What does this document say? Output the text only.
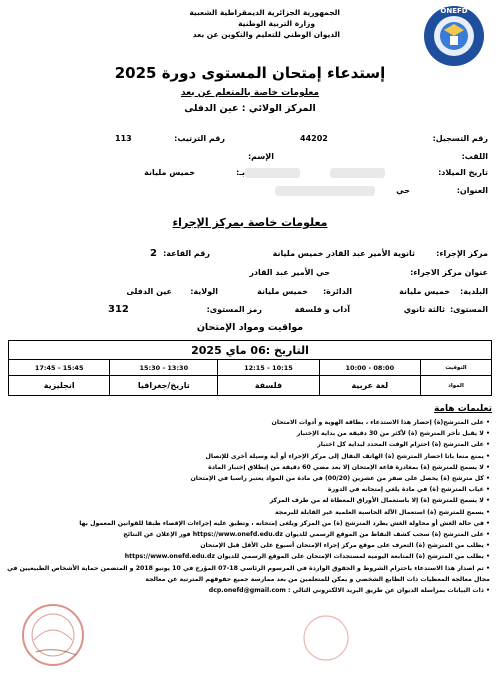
الجمهورية الجزائرية الديمقراطية الشعبية
وزارة التربية الوطنية
الديوان الوطني للتعليم والتكوين عن بعد
ONEFD
إستدعاء إمتحان المستوى دورة 2025
معلومات خاصة بالمتعلم عن بعد
المركز الولائي : عين الدفلى
رقم التسجيل:
44202
رقم الترتيب:
113
اللقب:
الإسم:
تاريخ الميلاد:
بـ:
خميس مليانة
العنوان:
حي
معلومات خاصة بمركز الإجراء
مركز الإجراء:
ثانوية الأمير عبد القادر خميس مليانة
رقم القاعة:
2
عنوان مركز الاجراء:
حي الأمير عبد القادر
البلدية:
خميس مليانة
الدائرة:
خميس مليانة
الولاية:
عين الدفلى
المستوى:
ثالثة ثانوي
آداب و فلسفة
رمز المستوى:
312
مواقيت ومواد الإمتحان
التاريخ :06 ماي 2025				
17:45 - 15:45	15:30 - 13:30	12:15 - 10:15	10:00 - 08:00	التوقيت
انجليزية	تاريخ/جغرافيا	فلسفة	لغة عربية	المواد
تعليمات هامة
• على المترشح(ة) إحضار هذا الاستدعاء ، بطاقة الهوية و أدوات الامتحان
• لا يقبل تأخر المترشح (ة) لأكثر من 30 دقيقة من بداية الإختبار
• على المترشح (ة) احترام الوقت المحدد لبداية كل اختبار
• يمنع منعا باتا احضار المترشح (ة) الهاتف النقال إلى مركز الإجراء أو أية وسيلة أخرى للإتصال
• لا يسمح للمترشح (ة) بمغادرة قاعة الإمتحان إلا بعد مضي 60 دقيقة من إنطلاق إختبار المادة
• كل مترشح (ة) يحصل على صفر من عشرين (00/20) في مادة من المواد يعتبر راسبا في الإمتحان
• غياب المترشح (ة) في مادة يلغي إمتحانه في الدورة
• لا يسمح للمترشح (ة) إلا باستعمال الأوراق المعطاة له من طرف المركز
• يسمح للمترشح (ة) استعمال الآلة الحاسبة العلمية غير القابلة للبرمجة
• في حالة الغش أو محاولة الغش يطرد المترشح (ة) من المركز ويلغى إمتحانه ، وتطبق عليه إجراءات الإقصاء طبقا للقوانين المعمول بها
• على المترشح (ة) سحب كشف النقاط من الموقع الرسمي للديوان https://www.onefd.edu.dz فور الإعلان عن النتائج
• يطلب من المترشح (ة) التعرف على موقع مركز إجراء الإمتحان أسبوع على الأقل قبل الإمتحان
• يطلب من المترشح (ة) المتابعة اليومية لمستجدات الإمتحان على الموقع الرسمي للديوان https://www.onefd.edu.dz
• تم اصدار هذا الاستدعاء باحترام الشروط و الحقوق الواردة في المرسوم الرئاسي 18-07 المؤرخ في 10 يونيو 2018 و المتضمن حماية الأشخاص الطبيعيين في مجال معالجة المعطيات ذات الطابع الشخصي و يمكن للمتعلمين من بعد ممارسة جميع حقوقهم المترتبة عن معالجة
• ذات البيانات بمراسلة الديوان عن طريق البريد الالكتروني التالي : dcp.onefd@gmail.com
